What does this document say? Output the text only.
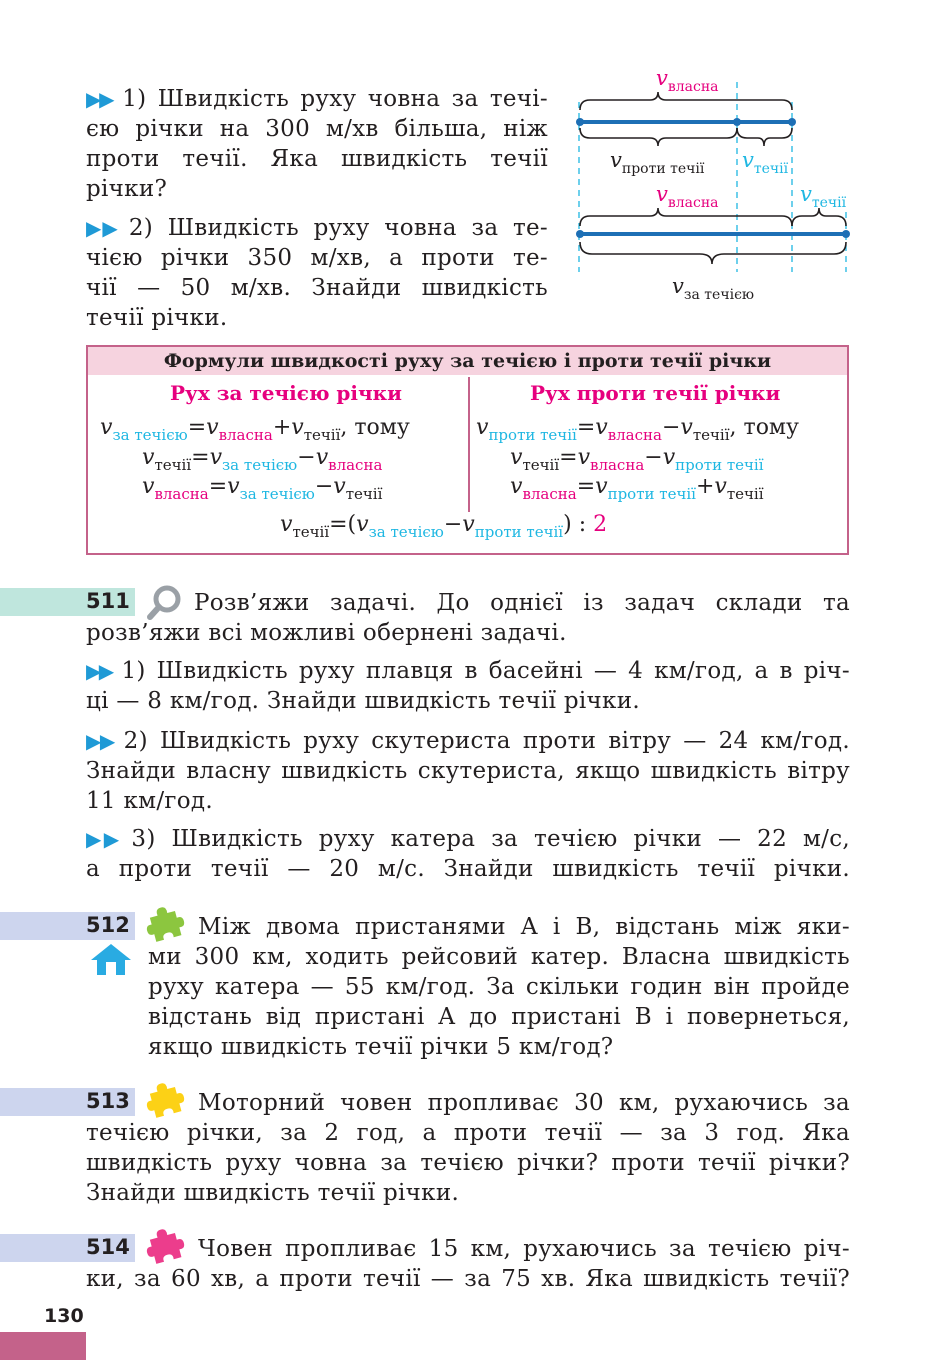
▶▶ 1) Швидкість руху човна за течі-
єю річки на 300 м/хв більша, ніж
проти течії. Яка швидкість течії
річки?
▶▶ 2) Швидкість руху човна за те-
чією річки 350 м/хв, а проти те-
чії — 50 м/хв. Знайди швидкість
течії річки.
$v_{власна}$
$v_{проти течії}$ $v_{течії}$
$v_{власна}$	$v_{течії}$
$v_{за течією}$
Формули швидкості руху за течією і проти течії річки
Рух за течією річки	Рух проти течії річки
$v_{за течією}=v_{власна}+v_{течії}$, тому
$v_{течії}=v_{за течією}-v_{власна}$
$v_{власна}=v_{за течією}-v_{течії}$
$v_{проти течії}=v_{власна}-v_{течії}$, тому
$v_{течії}=v_{власна}-v_{проти течії}$
$v_{власна}=v_{проти течії}+v_{течії}$
$v_{течії}=(v_{за течією}-v_{проти течії})$ : 2
511	Розв’яжи задачі. До однієї із задач склади та
розв’яжи всі можливі обернені задачі.
▶▶ 1) Швидкість руху плавця в басейні — 4 км/год, а в річ-
ці — 8 км/год. Знайди швидкість течії річки.
▶▶ 2) Швидкість руху скутериста проти вітру — 24 км/год.
Знайди власну швидкість скутериста, якщо швидкість вітру
11 км/год.
▶▶ 3) Швидкість руху катера за течією річки — 22 м/с,
а проти течії — 20 м/с. Знайди швидкість течії річки.
512	Між двома пристанями A і B, відстань між яки-
ми 300 км, ходить рейсовий катер. Власна швидкість
руху катера — 55 км/год. За скільки годин він пройде
відстань від пристані A до пристані B і повернеться,
якщо швидкість течії річки 5 км/год?
513	Моторний човен пропливає 30 км, рухаючись за
течією річки, за 2 год, а проти течії — за 3 год. Яка
швидкість руху човна за течією річки? проти течії річки?
Знайди швидкість течії річки.
514	Човен пропливає 15 км, рухаючись за течією річ-
ки, за 60 хв, а проти течії — за 75 хв. Яка швидкість течії?
130
